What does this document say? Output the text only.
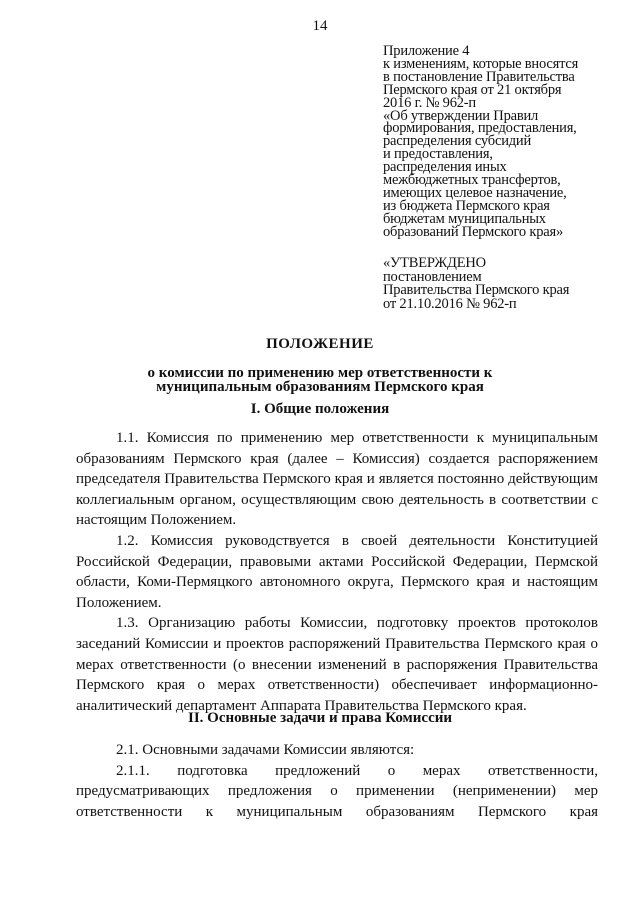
14
Приложение 4
к изменениям, которые вносятся
в постановление Правительства
Пермского края от 21 октября
2016 г. № 962-п
«Об утверждении Правил
формирования, предоставления,
распределения субсидий
и предоставления,
распределения иных
межбюджетных трансфертов,
имеющих целевое назначение,
из бюджета Пермского края
бюджетам муниципальных
образований Пермского края»
«УТВЕРЖДЕНО
постановлением
Правительства Пермского края
от 21.10.2016 № 962-п
ПОЛОЖЕНИЕ
о комиссии по применению мер ответственности к муниципальным образованиям Пермского края
I. Общие положения
1.1. Комиссия по применению мер ответственности к муниципальным образованиям Пермского края (далее – Комиссия) создается распоряжением председателя Правительства Пермского края и является постоянно действующим коллегиальным органом, осуществляющим свою деятельность в соответствии с настоящим Положением.
1.2. Комиссия руководствуется в своей деятельности Конституцией Российской Федерации, правовыми актами Российской Федерации, Пермской области, Коми-Пермяцкого автономного округа, Пермского края и настоящим Положением.
1.3. Организацию работы Комиссии, подготовку проектов протоколов заседаний Комиссии и проектов распоряжений Правительства Пермского края о мерах ответственности (о внесении изменений в распоряжения Правительства Пермского края о мерах ответственности) обеспечивает информационно-аналитический департамент Аппарата Правительства Пермского края.
II. Основные задачи и права Комиссии
2.1. Основными задачами Комиссии являются:
2.1.1. подготовка предложений о мерах ответственности,
предусматривающих предложения о применении (неприменении) мер
ответственности к муниципальным образованиям Пермского края
